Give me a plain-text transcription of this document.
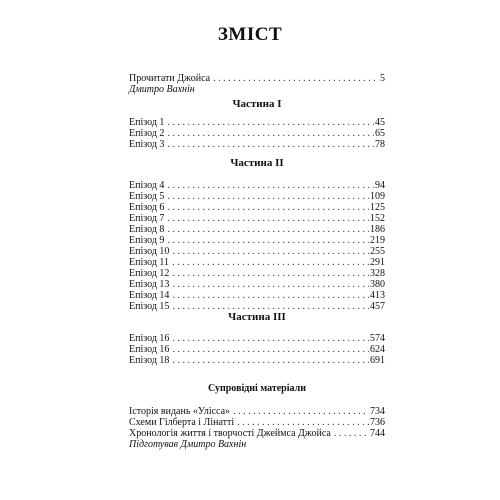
ЗМІСТ
Прочитати Джойса . . .	5
Дмитро Вахнін
Частина І
Епізод 1 . . .	45
Епізод 2 . . .	65
Епізод 3 . . .	78
Частина ІІ
Епізод 4 . . .	94
Епізод 5 . . .	109
Епізод 6 . . .	125
Епізод 7 . . .	152
Епізод 8 . . .	186
Епізод 9 . . .	219
Епізод 10 . . .	255
Епізод 11 . . .	291
Епізод 12 . . .	328
Епізод 13 . . .	380
Епізод 14 . . .	413
Епізод 15 . . .	457
Частина ІІІ
Епізод 16 . . .	574
Епізод 16 . . .	624
Епізод 18 . . .	691
Супровідні матеріали
Історія видань «Улісса» . . .	734
Схеми Гілберта і Лінатті . . .	736
Хронологія життя і творчості Джеймса Джойса . . .	744
Підготував Дмитро Вахнін
